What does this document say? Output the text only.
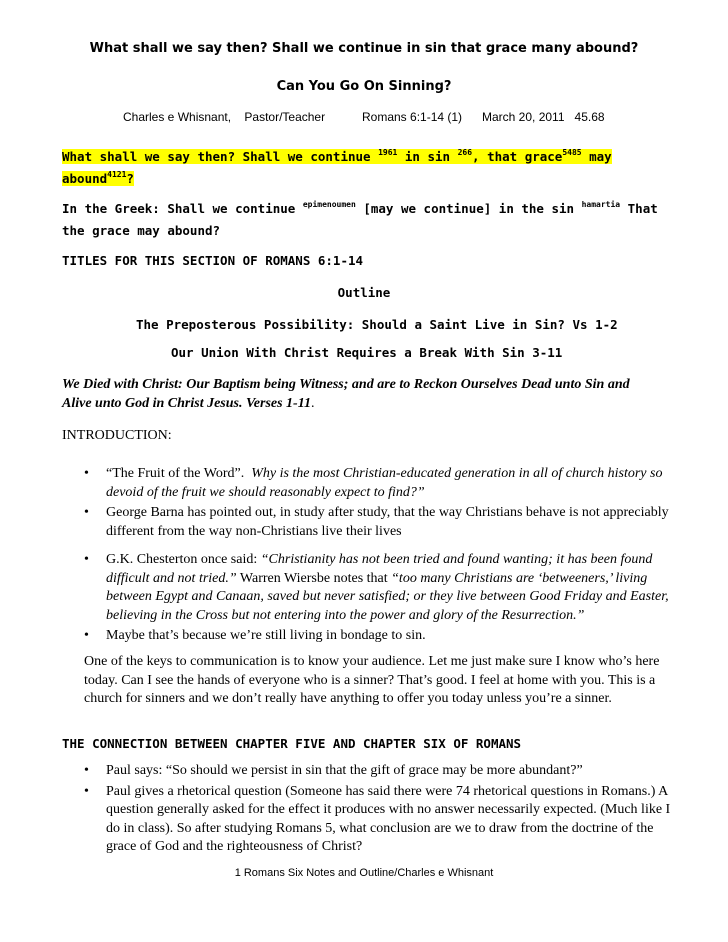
What shall we say then? Shall we continue in sin that grace many abound?
Can You Go On Sinning?
Charles e Whisnant, Pastor/Teacher	Romans 6:1-14 (1) March 20, 2011 45.68
What shall we say then? Shall we continue $^{1961}$ in sin $^{266}$, that grace$^{5485}$ may
abound$^{4121}$?
In the Greek: Shall we continue $^{epimenoumen}$ [may we continue] in the sin $^{hamartia}$ That
the grace may abound?
TITLES FOR THIS SECTION OF ROMANS 6:1-14
Outline
The Preposterous Possibility: Should a Saint Live in Sin? Vs 1-2
Our Union With Christ Requires a Break With Sin 3-11
We Died with Christ: Our Baptism being Witness; and are to Reckon Ourselves Dead unto Sin and
Alive unto God in Christ Jesus. Verses 1-11.
INTRODUCTION:
• “The Fruit of the Word”. Why is the most Christian-educated generation in all of church history so devoid of the fruit we should reasonably expect to find?”
• George Barna has pointed out, in study after study, that the way Christians behave is not appreciably different from the way non-Christians live their lives
• G.K. Chesterton once said: “Christianity has not been tried and found wanting; it has been found difficult and not tried.” Warren Wiersbe notes that “too many Christians are ‘betweeners,’ living between Egypt and Canaan, saved but never satisfied; or they live between Good Friday and Easter, believing in the Cross but not entering into the power and glory of the Resurrection.”
• Maybe that’s because we’re still living in bondage to sin.
One of the keys to communication is to know your audience. Let me just make sure I know who’s here today. Can I see the hands of everyone who is a sinner? That’s good. I feel at home with you. This is a church for sinners and we don’t really have anything to offer you today unless you’re a sinner.
THE CONNECTION BETWEEN CHAPTER FIVE AND CHAPTER SIX OF ROMANS
• Paul says: “So should we persist in sin that the gift of grace may be more abundant?”
• Paul gives a rhetorical question (Someone has said there were 74 rhetorical questions in Romans.) A question generally asked for the effect it produces with no answer necessarily expected. (Much like I do in class). So after studying Romans 5, what conclusion are we to draw from the doctrine of the grace of God and the righteousness of Christ?
1 Romans Six Notes and Outline/Charles e Whisnant
